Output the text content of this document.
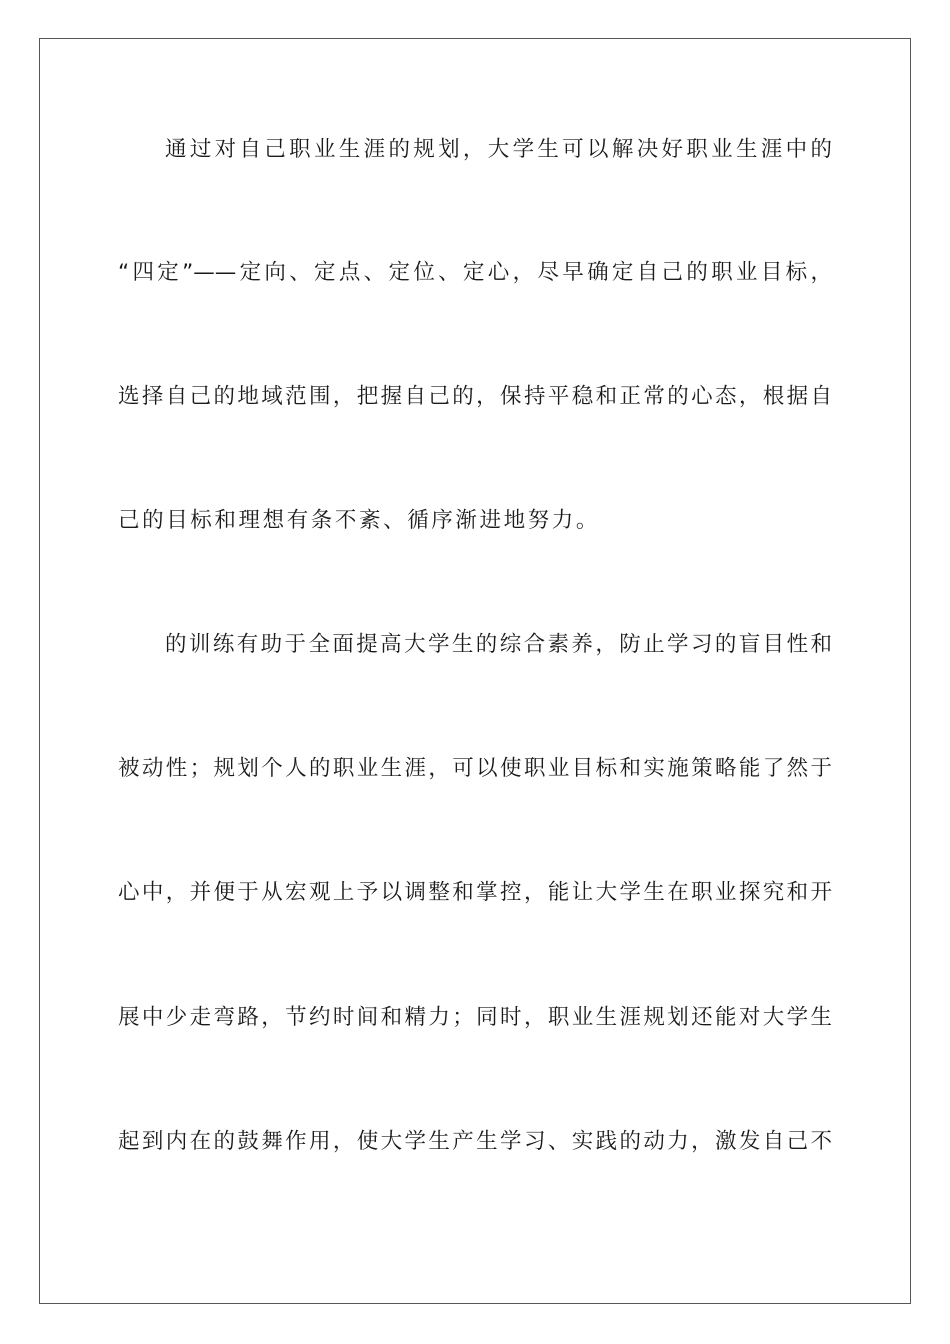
通过对自己职业生涯的规划，大学生可以解决好职业生涯中的
“四定”——定向、定点、定位、定心，尽早确定自己的职业目标，
选择自己的地域范围，把握自己的，保持平稳和正常的心态，根据自
己的目标和理想有条不紊、循序渐进地努力。
的训练有助于全面提高大学生的综合素养，防止学习的盲目性和
被动性；规划个人的职业生涯，可以使职业目标和实施策略能了然于
心中，并便于从宏观上予以调整和掌控，能让大学生在职业探究和开
展中少走弯路，节约时间和精力；同时，职业生涯规划还能对大学生
起到内在的鼓舞作用，使大学生产生学习、实践的动力，激发自己不
